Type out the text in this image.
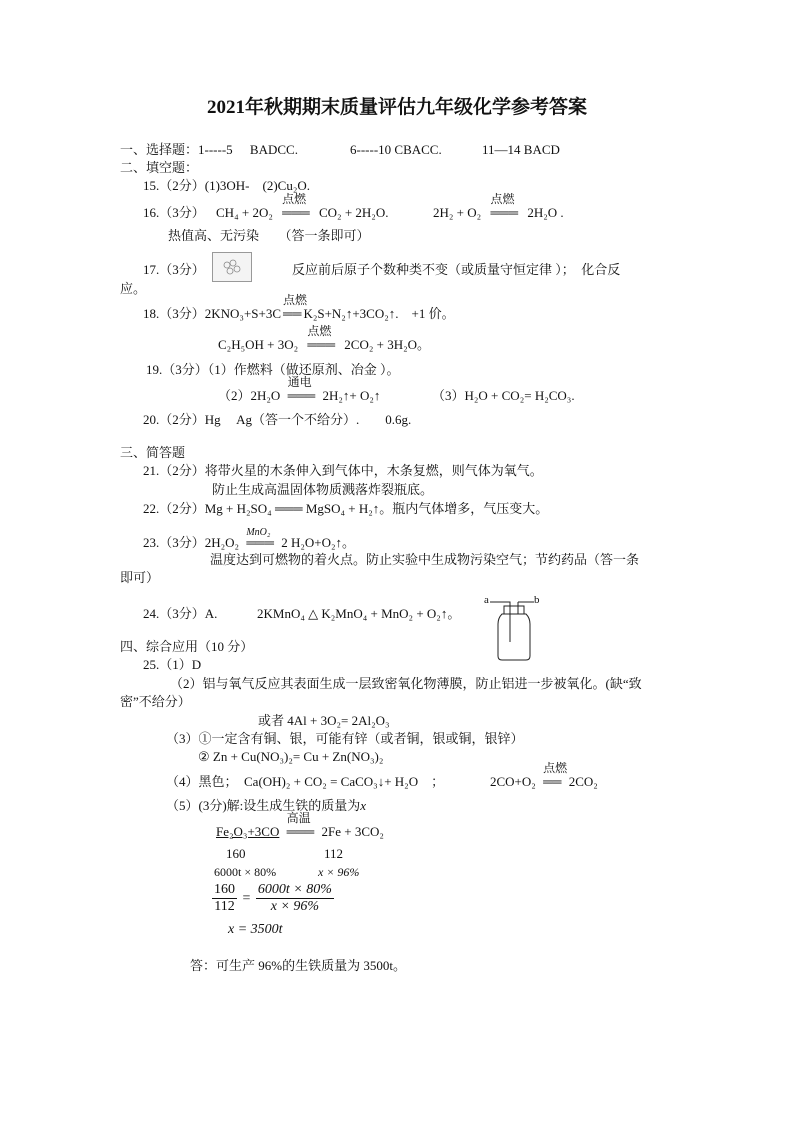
2021年秋期期末质量评估九年级化学参考答案
一、选择题：1-----5 BADCC.	6-----10 CBACC.	11—14 BACD
二、填空题：
15.（2分）(1)3OH-　(2)Cu₂O.
16.（3分） CH₄ + 2O₂
点燃
═══ CO₂ + 2H₂O.	2H₂ + O₂
点燃
═══ 2H₂O .
热值高、无污染　　（答一条即可）
17.（3分）	反应前后原子个数种类不变（或质量守恒定律 ）；　化合反
应。
18.（3分）2KNO₃+S+3C
点燃
══ K₂S+N₂↑+3CO₂↑.　+1 价。
C₂H₅OH + 3O₂
点燃
═══ 2CO₂ + 3H₂O。
19.（3分）（1）作燃料（做还原剂、冶金 ）。
（2）2H₂O
通电
═══ 2H₂↑+ O₂↑	（3）H₂O + CO₂= H₂CO₃.
20.（2分）Hg　 Ag（答一个不给分）.　　0.6g.
三、简答题
21.（2分）将带火星的木条伸入到气体中，木条复燃，则气体为氧气。
防止生成高温固体物质溅落炸裂瓶底。
22.（2分）Mg + H₂SO₄ ═══ MgSO₄ + H₂↑。瓶内气体增多，气压变大。
23.（3分）2H₂O₂
MnO₂
═══ 2 H₂O+O₂↑。
温度达到可燃物的着火点。防止实验中生成物污染空气；节约药品（答一条
即可）
24.（3分）A.	2KMnO₄ △ K₂MnO₄ + MnO₂ + O₂↑。
a	b
四、综合应用（10 分）
25.（1）D
（2）铝与氧气反应其表面生成一层致密氧化物薄膜，防止铝进一步被氧化。(缺“致
密”不给分）
或者 4Al + 3O₂= 2Al₂O₃
（3）①一定含有铜、银，可能有锌（或者铜，银或铜，银锌）
② Zn + Cu(NO₃)₂= Cu + Zn(NO₃)₂
（4）黑色；　Ca(OH)₂ + CO₂ = CaCO₃↓+ H₂O　；	2CO+O₂
点燃
══ 2CO₂
（5）(3分)解:设生成生铁的质量为x
Fe₂O₃+3CO
高温
═══ 2Fe + 3CO₂
160	112
6000t × 80%	x × 96%
$\frac{160}{112} = \frac{6000t \times 80\%}{x \times 96\%}$
x = 3500t
答：可生产 96%的生铁质量为 3500t。
